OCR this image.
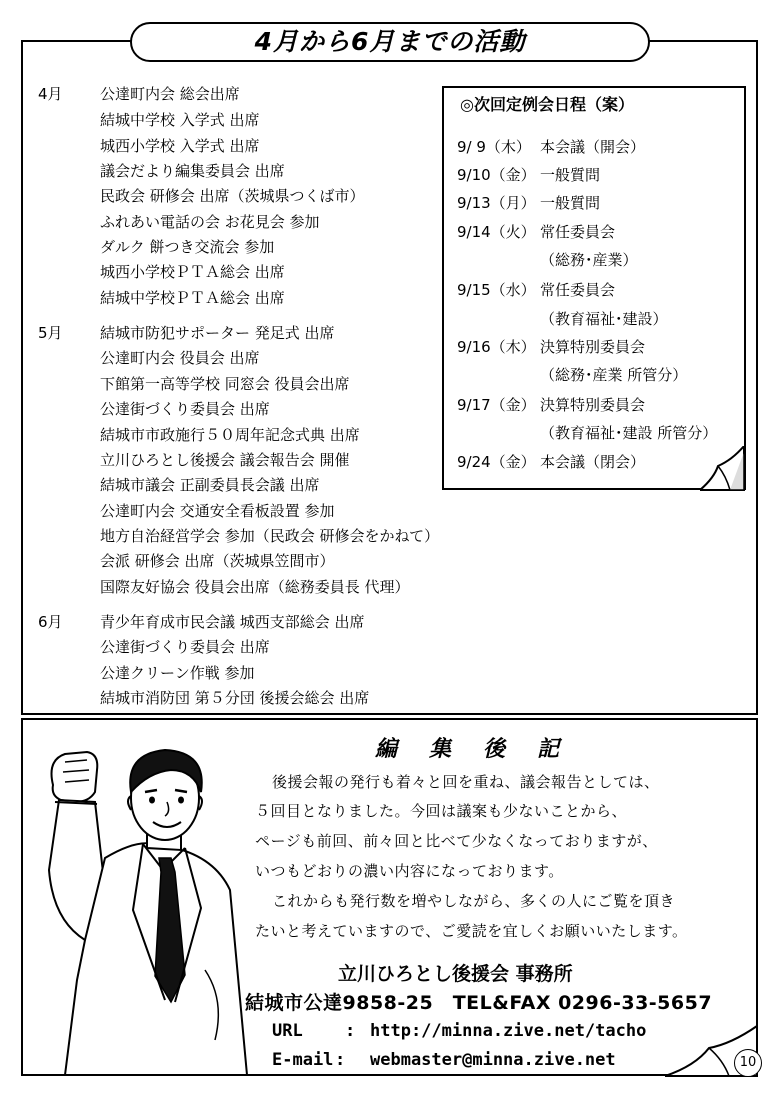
4月から6月までの活動
4月
5月
6月
公達町内会 総会出席
結城中学校 入学式 出席
城西小学校 入学式 出席
議会だより編集委員会 出席
民政会 研修会 出席（茨城県つくば市）
ふれあい電話の会 お花見会 参加
ダルク 餅つき交流会 参加
城西小学校ＰＴＡ総会 出席
結城中学校ＰＴＡ総会 出席
結城市防犯サポーター 発足式 出席
公達町内会 役員会 出席
下館第一高等学校 同窓会 役員会出席
公達街づくり委員会 出席
結城市市政施行５０周年記念式典 出席
立川ひろとし後援会 議会報告会 開催
結城市議会 正副委員長会議 出席
公達町内会 交通安全看板設置 参加
地方自治経営学会 参加（民政会 研修会をかねて）
会派 研修会 出席（茨城県笠間市）
国際友好協会 役員会出席（総務委員長 代理）
青少年育成市民会議 城西支部総会 出席
公達街づくり委員会 出席
公達クリーン作戦 参加
結城市消防団 第５分団 後援会総会 出席
◎次回定例会日程（案）
9/ 9（木） 本会議（開会）
9/10（金） 一般質問
9/13（月） 一般質問
9/14（火） 常任委員会
（総務･産業）
9/15（水） 常任委員会
（教育福祉･建設）
9/16（木） 決算特別委員会
（総務･産業 所管分）
9/17（金） 決算特別委員会
（教育福祉･建設 所管分）
9/24（金） 本会議（閉会）
編集後記
後援会報の発行も着々と回を重ね、議会報告としては、
５回目となりました。今回は議案も少ないことから、
ページも前回、前々回と比べて少なくなっておりますが、
いつもどおりの濃い内容になっております。
これからも発行数を増やしながら、多くの人にご覧を頂き
たいと考えていますので、ご愛読を宜しくお願いいたします。
立川ひろとし後援会 事務所
結城市公達9858-25　TEL&FAX 0296-33-5657
URL : http://minna.zive.net/tacho
E-mail : webmaster@minna.zive.net	10
